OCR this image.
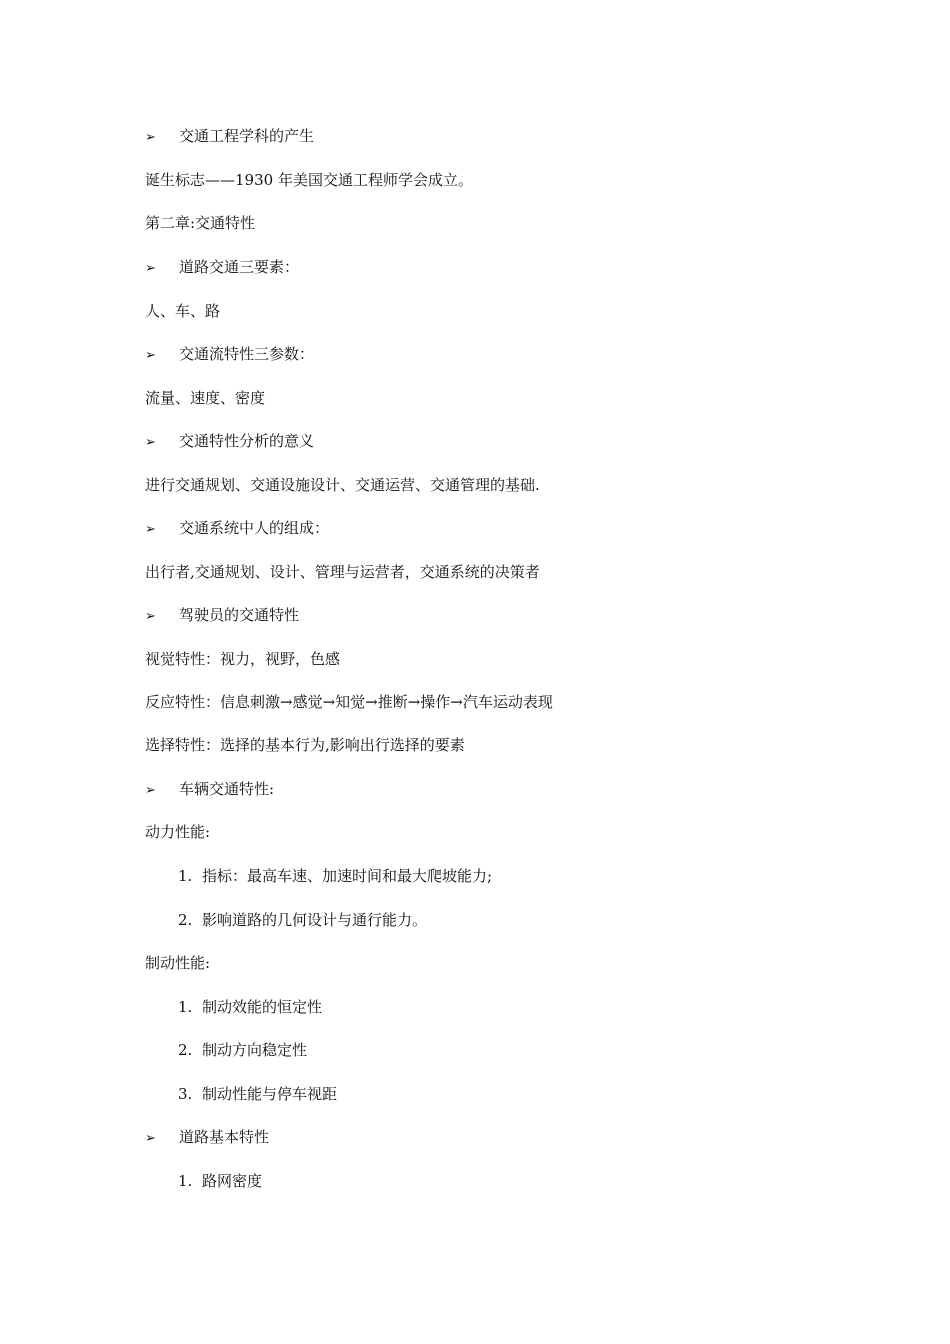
➢ 交通工程学科的产生
诞生标志——1930 年美国交通工程师学会成立。
第二章:交通特性
➢ 道路交通三要素：
人、车、路
➢ 交通流特性三参数：
流量、速度、密度
➢ 交通特性分析的意义
进行交通规划、交通设施设计、交通运营、交通管理的基础.
➢ 交通系统中人的组成：
出行者,交通规划、设计、管理与运营者，交通系统的决策者
➢ 驾驶员的交通特性
视觉特性：视力，视野，色感
反应特性：信息刺激→感觉→知觉→推断→操作→汽车运动表现
选择特性：选择的基本行为,影响出行选择的要素
➢ 车辆交通特性:
动力性能:
1. 指标：最高车速、加速时间和最大爬坡能力;
2. 影响道路的几何设计与通行能力。
制动性能:
1. 制动效能的恒定性
2. 制动方向稳定性
3. 制动性能与停车视距
➢ 道路基本特性
1. 路网密度
